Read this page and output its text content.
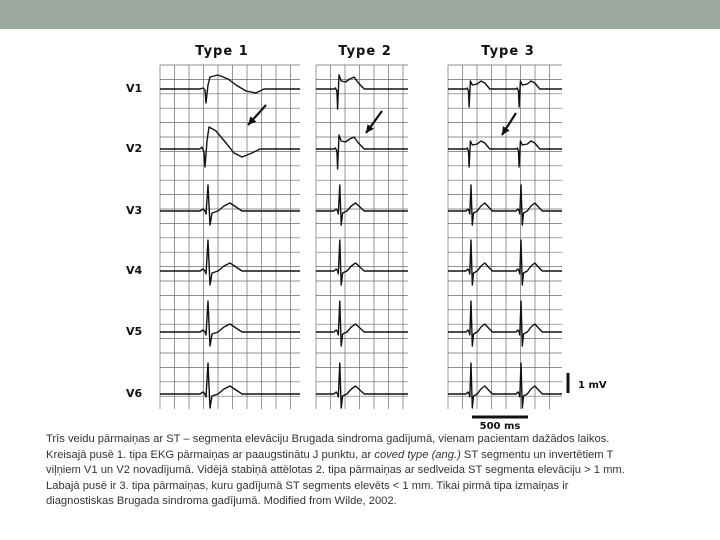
Type 1	Type 2	Type 3
V1
V2
V3
V4
V5
V6
1 mV
500 ms

Trīs veidu pārmaiņas ar ST – segmenta elevāciju Brugada sindroma gadījumā, vienam pacientam dažādos laikos.

Kreisajā pusē 1. tipa EKG pārmaiņas ar paaugstinātu J punktu, ar coved type (ang.) ST segmentu un invertētiem T

viļņiem V1 un V2 novadījumā. Vidējā stabiņā attēlotas 2. tipa pārmaiņas ar sedlveida ST segmenta elevāciju > 1 mm.

Labajā pusē ir 3. tipa pārmaiņas, kuru gadījumā ST segments elevēts < 1 mm. Tikai pirmā tipa izmaiņas ir

diagnostiskas Brugada sindroma gadījumā. Modified from Wilde, 2002.
